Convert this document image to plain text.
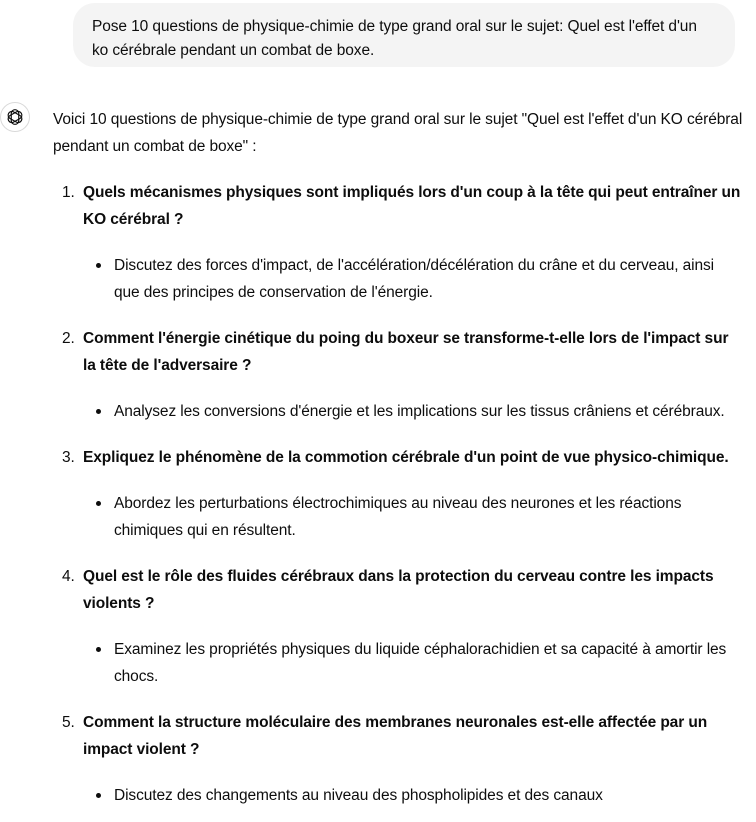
Pose 10 questions de physique-chimie de type grand oral sur le sujet: Quel est l'effet d'un ko cérébrale pendant un combat de boxe.

Voici 10 questions de physique-chimie de type grand oral sur le sujet "Quel est l'effet d'un KO cérébral pendant un combat de boxe" :

1. Quels mécanismes physiques sont impliqués lors d'un coup à la tête qui peut entraîner un KO cérébral ?
Discutez des forces d'impact, de l'accélération/décélération du crâne et du cerveau, ainsi que des principes de conservation de l'énergie.
2. Comment l'énergie cinétique du poing du boxeur se transforme-t-elle lors de l'impact sur la tête de l'adversaire ?
Analysez les conversions d'énergie et les implications sur les tissus crâniens et cérébraux.
3. Expliquez le phénomène de la commotion cérébrale d'un point de vue physico-chimique.
Abordez les perturbations électrochimiques au niveau des neurones et les réactions chimiques qui en résultent.
4. Quel est le rôle des fluides cérébraux dans la protection du cerveau contre les impacts violents ?
Examinez les propriétés physiques du liquide céphalorachidien et sa capacité à amortir les chocs.
5. Comment la structure moléculaire des membranes neuronales est-elle affectée par un impact violent ?
Discutez des changements au niveau des phospholipides et des canaux
